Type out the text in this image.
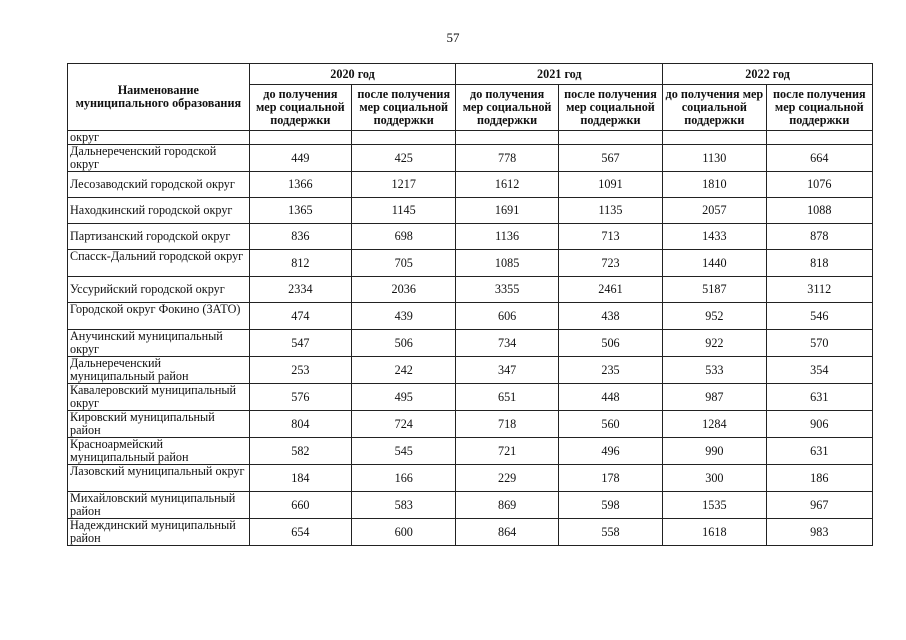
57
Наименование муниципального образования	2020 год		2021 год		2022 год	
	до получения мер социальной поддержки	после получения мер социальной поддержки	до получения мер социальной поддержки	после получения мер социальной поддержки	до получения мер социальной поддержки	после получения мер социальной поддержки
округ						
Дальнереченский городской округ	449	425	778	567	1130	664
Лесозаводский городской округ	1366	1217	1612	1091	1810	1076
Находкинский городской округ	1365	1145	1691	1135	2057	1088
Партизанский городской округ	836	698	1136	713	1433	878
Спасск-Дальний городской округ	812	705	1085	723	1440	818
Уссурийский городской округ	2334	2036	3355	2461	5187	3112
Городской округ Фокино (ЗАТО)	474	439	606	438	952	546
Анучинский муниципальный округ	547	506	734	506	922	570
Дальнереченский муниципальный район	253	242	347	235	533	354
Кавалеровский муниципальный округ	576	495	651	448	987	631
Кировский муниципальный район	804	724	718	560	1284	906
Красноармейский муниципальный район	582	545	721	496	990	631
Лазовский муниципальный округ	184	166	229	178	300	186
Михайловский муниципальный район	660	583	869	598	1535	967
Надеждинский муниципальный район	654	600	864	558	1618	983
